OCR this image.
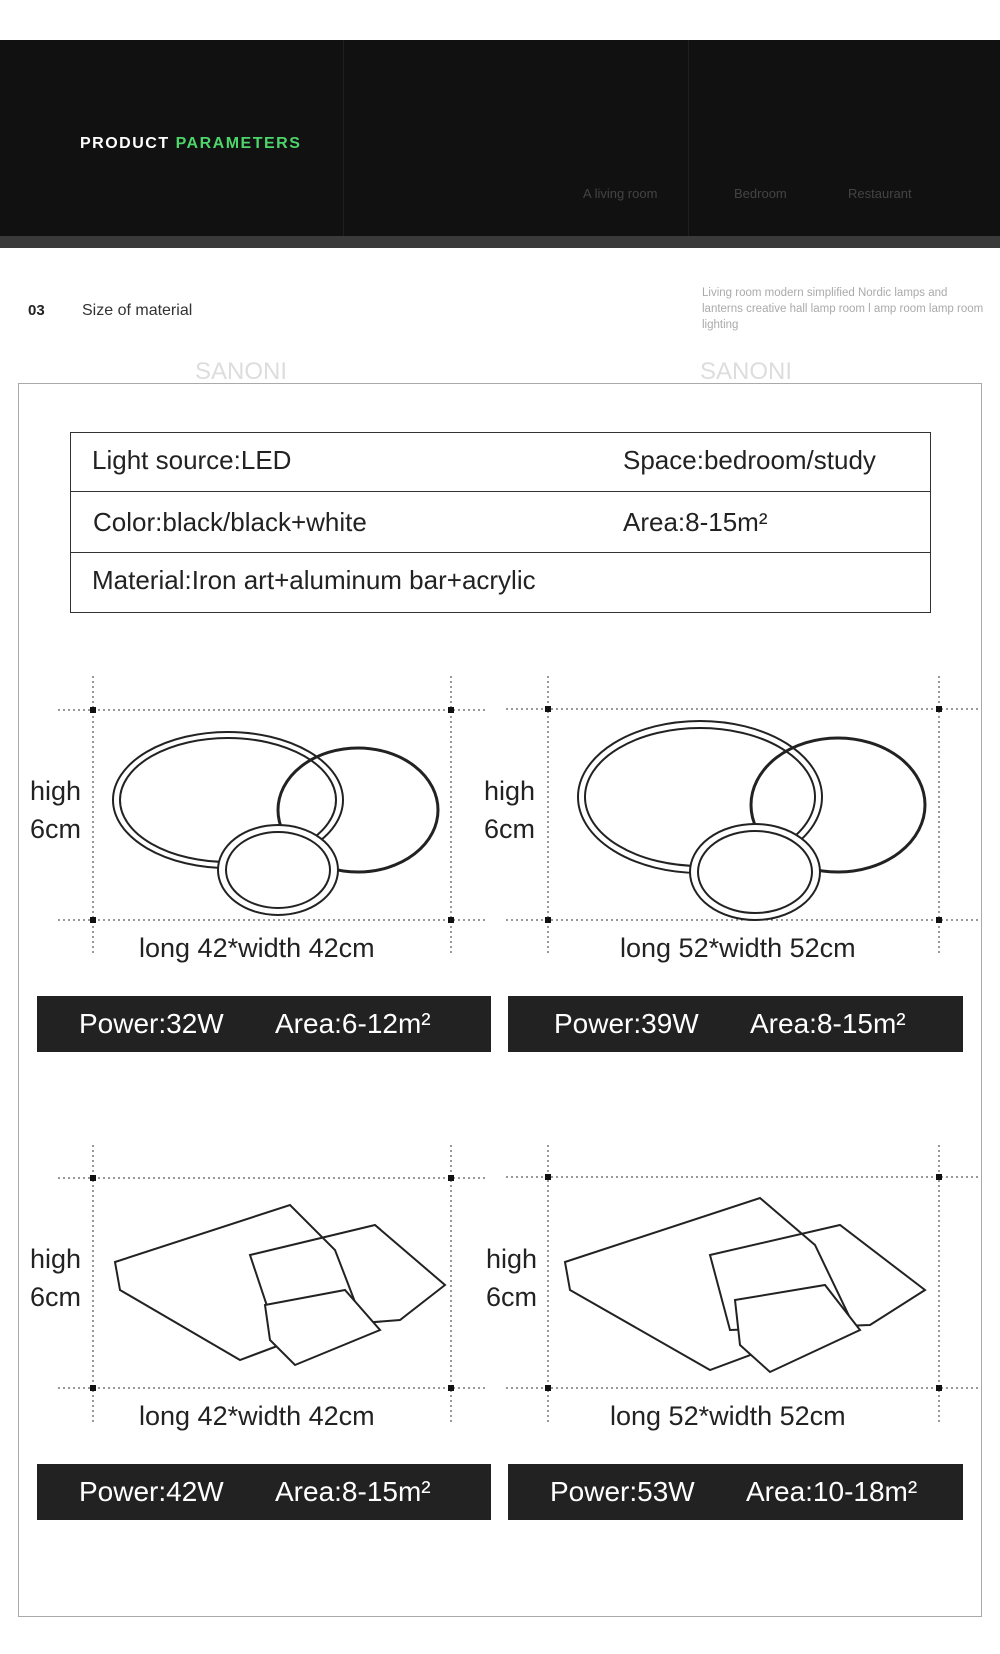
PRODUCT PARAMETERS
A living room	Bedroom	Restaurant
03 Size of material
Living room modern simplified Nordic lamps and lanterns creative hall lamp room l amp room lamp room lighting
SANONI	SANONI
Light source:LED	Space:bedroom/study
Color:black/black+white	Area:8-15m²
Material:Iron art+aluminum bar+acrylic
high
6cm
high
6cm
high
6cm
high
6cm
long 42*width 42cm	long 52*width 52cm
long 42*width 42cm	long 52*width 52cm
Power:32W Area:6-12m²	Power:39W Area:8-15m²
Power:42W Area:8-15m²	Power:53W Area:10-18m²
